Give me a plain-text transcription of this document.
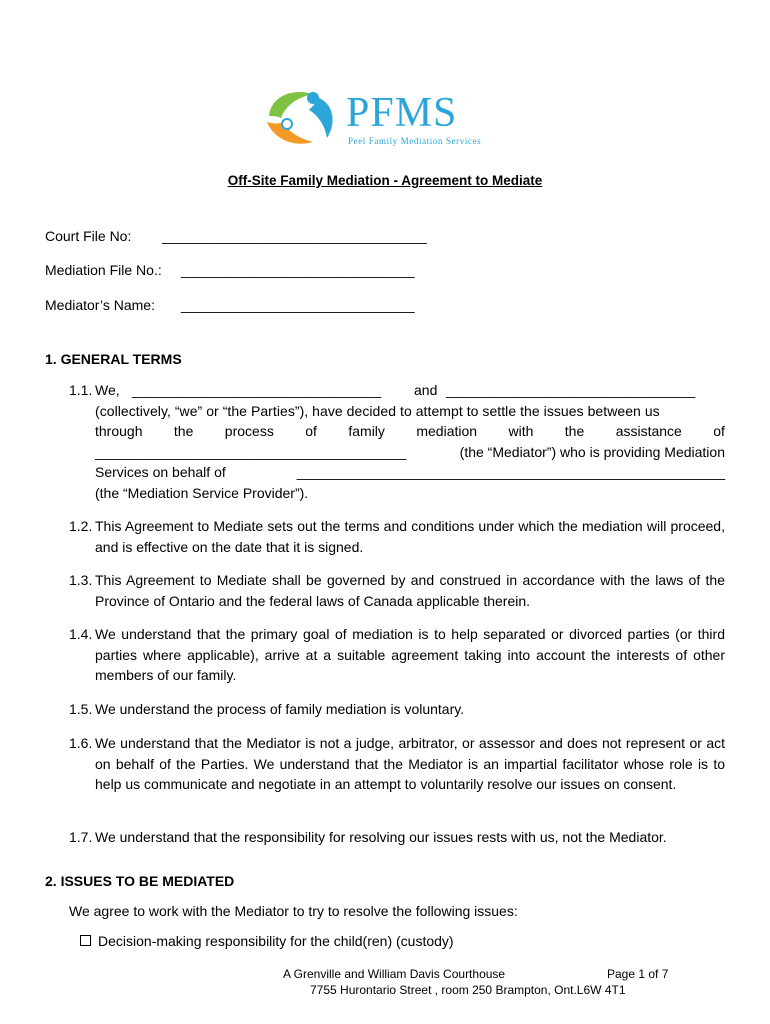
PFMS
Peel Family Mediation Services
Off-Site Family Mediation - Agreement to Mediate
Court File No: __________________________________
Mediation File No.: ______________________________
Mediator’s Name: ______________________________
1. GENERAL TERMS
1.1. We, ________________________________ and ________________________________
(collectively, “we” or “the Parties”), have decided to attempt to settle the issues between us
through the process of family mediation with the assistance of
________________________________________	(the “Mediator”) who is providing Mediation
Services on behalf of	_______________________________________________________
(the “Mediation Service Provider”).
1.2. This Agreement to Mediate sets out the terms and conditions under which the mediation will proceed, and is effective on the date that it is signed.
1.3. This Agreement to Mediate shall be governed by and construed in accordance with the laws of the Province of Ontario and the federal laws of Canada applicable therein.
1.4. We understand that the primary goal of mediation is to help separated or divorced parties (or third parties where applicable), arrive at a suitable agreement taking into account the interests of other members of our family.
1.5. We understand the process of family mediation is voluntary.
1.6. We understand that the Mediator is not a judge, arbitrator, or assessor and does not represent or act on behalf of the Parties. We understand that the Mediator is an impartial facilitator whose role is to help us communicate and negotiate in an attempt to voluntarily resolve our issues on consent.
1.7. We understand that the responsibility for resolving our issues rests with us, not the Mediator.
2. ISSUES TO BE MEDIATED
We agree to work with the Mediator to try to resolve the following issues:
Decision-making responsibility for the child(ren) (custody)
A Grenville and William Davis Courthouse	Page 1 of 7
7755 Hurontario Street , room 250 Brampton, Ont.L6W 4T1
